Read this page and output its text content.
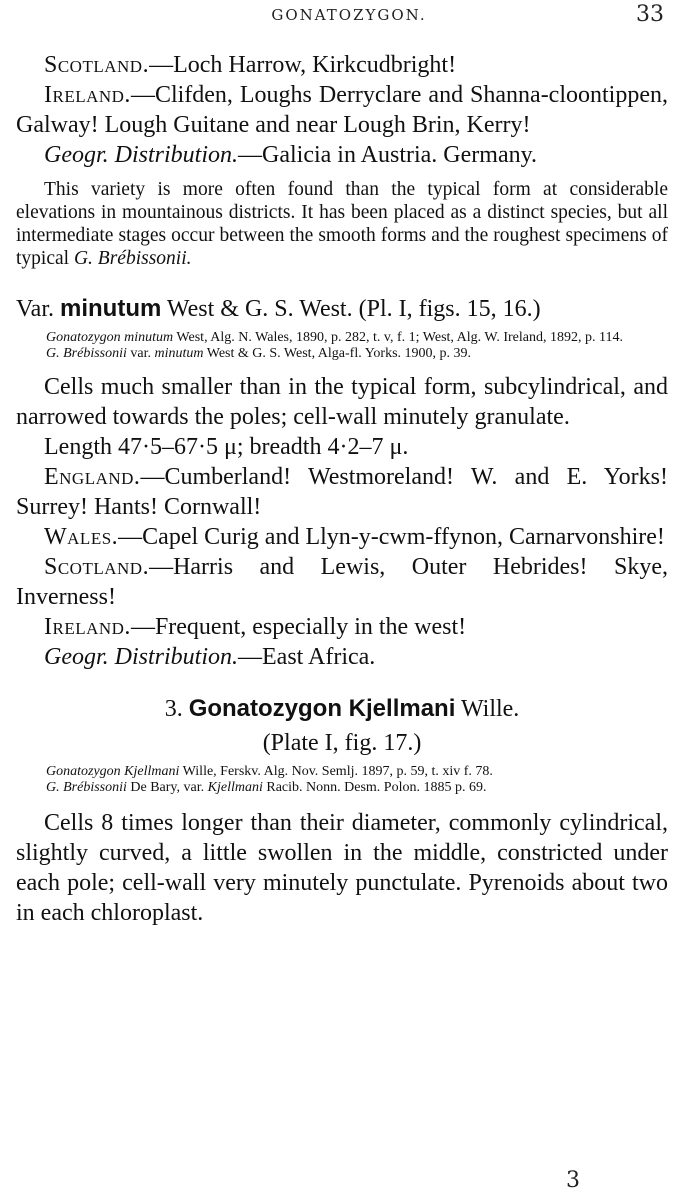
GONATOZYGON.	33

Scotland.—Loch Harrow, Kirkcudbright!

Ireland.—Clifden, Loughs Derryclare and Shanna-cloontippen, Galway! Lough Guitane and near Lough Brin, Kerry!

Geogr. Distribution.—Galicia in Austria. Germany.

This variety is more often found than the typical form at considerable elevations in mountainous districts. It has been placed as a distinct species, but all intermediate stages occur between the smooth forms and the roughest specimens of typical G. Brébissonii.

Var. minutum West & G. S. West. (Pl. I, figs. 15, 16.)

Gonatozygon minutum West, Alg. N. Wales, 1890, p. 282, t. v, f. 1; West, Alg. W. Ireland, 1892, p. 114.

G. Brébissonii var. minutum West & G. S. West, Alga-fl. Yorks. 1900, p. 39.

Cells much smaller than in the typical form, subcylindrical, and narrowed towards the poles; cell-wall minutely granulate.

Length 47·5–67·5 μ; breadth 4·2–7 μ.

England.—Cumberland! Westmoreland! W. and E. Yorks! Surrey! Hants! Cornwall!

Wales.—Capel Curig and Llyn-y-cwm-ffynon, Carnarvonshire!

Scotland.—Harris and Lewis, Outer Hebrides! Skye, Inverness!

Ireland.—Frequent, especially in the west!

Geogr. Distribution.—East Africa.

3. Gonatozygon Kjellmani Wille.

(Plate I, fig. 17.)

Gonatozygon Kjellmani Wille, Ferskv. Alg. Nov. Semlj. 1897, p. 59, t. xiv f. 78.

G. Brébissonii De Bary, var. Kjellmani Racib. Nonn. Desm. Polon. 1885 p. 69.

Cells 8 times longer than their diameter, commonly cylindrical, slightly curved, a little swollen in the middle, constricted under each pole; cell-wall very minutely punctulate. Pyrenoids about two in each chloroplast.

3
